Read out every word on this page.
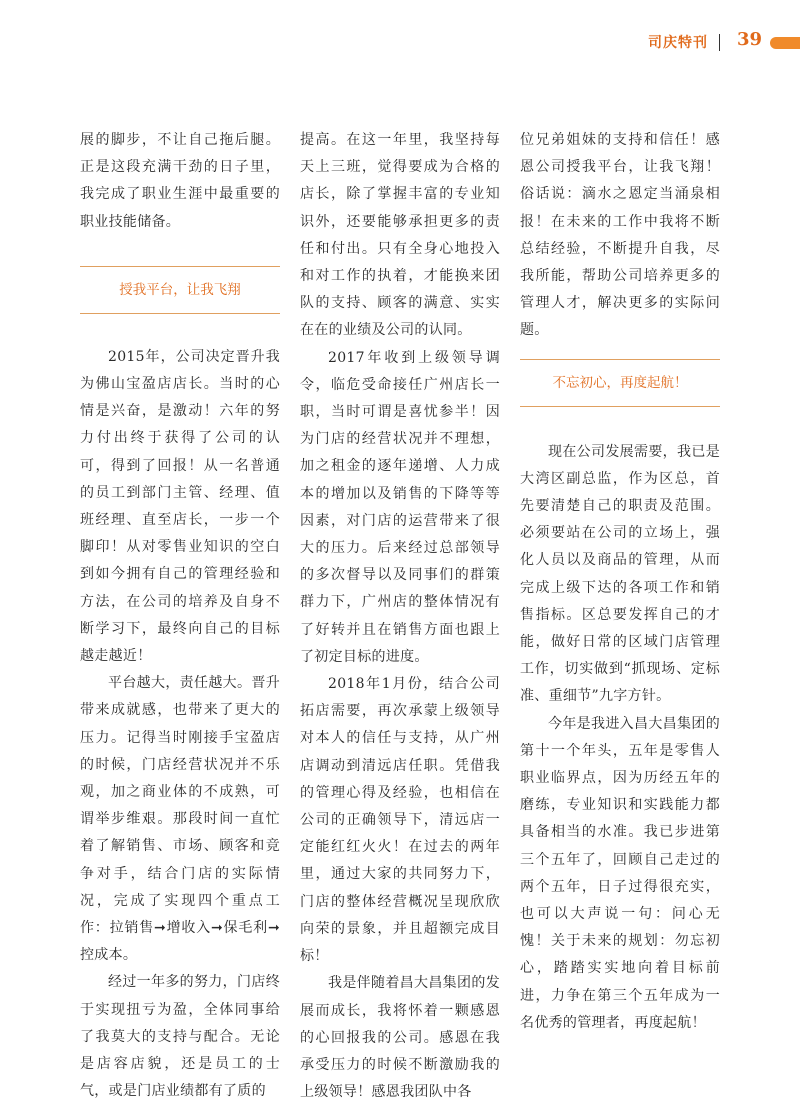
司庆特刊 39

展的脚步，不让自己拖后腿。正是这段充满干劲的日子里，我完成了职业生涯中最重要的职业技能储备。

授我平台，让我飞翔

2015年，公司决定晋升我为佛山宝盈店店长。当时的心情是兴奋，是激动！六年的努力付出终于获得了公司的认可，得到了回报！从一名普通的员工到部门主管、经理、值班经理、直至店长，一步一个脚印！从对零售业知识的空白到如今拥有自己的管理经验和方法，在公司的培养及自身不断学习下，最终向自己的目标越走越近！

平台越大，责任越大。晋升带来成就感，也带来了更大的压力。记得当时刚接手宝盈店的时候，门店经营状况并不乐观，加之商业体的不成熟，可谓举步维艰。那段时间一直忙着了解销售、市场、顾客和竞争对手，结合门店的实际情况，完成了实现四个重点工作：拉销售➞增收入➞保毛利➞控成本。

经过一年多的努力，门店终于实现扭亏为盈，全体同事给了我莫大的支持与配合。无论是店容店貌，还是员工的士气，或是门店业绩都有了质的

提高。在这一年里，我坚持每天上三班，觉得要成为合格的店长，除了掌握丰富的专业知识外，还要能够承担更多的责任和付出。只有全身心地投入和对工作的执着，才能换来团队的支持、顾客的满意、实实在在的业绩及公司的认同。

2017年收到上级领导调令，临危受命接任广州店长一职，当时可谓是喜忧参半！因为门店的经营状况并不理想，加之租金的逐年递增、人力成本的增加以及销售的下降等等因素，对门店的运营带来了很大的压力。后来经过总部领导的多次督导以及同事们的群策群力下，广州店的整体情况有了好转并且在销售方面也跟上了初定目标的进度。

2018年1月份，结合公司拓店需要，再次承蒙上级领导对本人的信任与支持，从广州店调动到清远店任职。凭借我的管理心得及经验，也相信在公司的正确领导下，清远店一定能红红火火！在过去的两年里，通过大家的共同努力下，门店的整体经营概况呈现欣欣向荣的景象，并且超额完成目标！

我是伴随着昌大昌集团的发展而成长，我将怀着一颗感恩的心回报我的公司。感恩在我承受压力的时候不断激励我的上级领导！感恩我团队中各

位兄弟姐妹的支持和信任！感恩公司授我平台，让我飞翔！俗话说：滴水之恩定当涌泉相报！在未来的工作中我将不断总结经验，不断提升自我，尽我所能，帮助公司培养更多的管理人才，解决更多的实际问题。

不忘初心，再度起航！

现在公司发展需要，我已是大湾区副总监，作为区总，首先要清楚自己的职责及范围。必须要站在公司的立场上，强化人员以及商品的管理，从而完成上级下达的各项工作和销售指标。区总要发挥自己的才能，做好日常的区域门店管理工作，切实做到“抓现场、定标准、重细节”九字方针。

今年是我进入昌大昌集团的第十一个年头，五年是零售人职业临界点，因为历经五年的磨练，专业知识和实践能力都具备相当的水准。我已步进第三个五年了，回顾自己走过的两个五年，日子过得很充实，也可以大声说一句：问心无愧！关于未来的规划：勿忘初心，踏踏实实地向着目标前进，力争在第三个五年成为一名优秀的管理者，再度起航！
